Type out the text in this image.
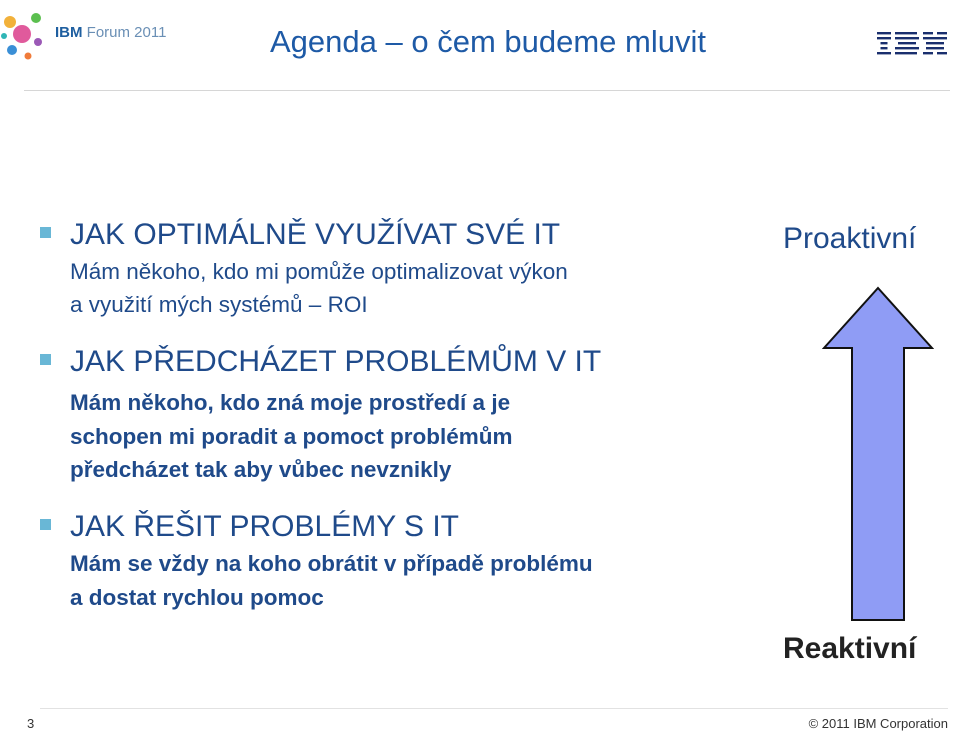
IBM Forum 2011	Agenda – o čem budeme mluvit
JAK OPTIMÁLNĚ VYUŽÍVAT SVÉ IT
Mám někoho, kdo mi pomůže optimalizovat výkon
a využití mých systémů – ROI
JAK PŘEDCHÁZET PROBLÉMŮM V IT
Mám někoho, kdo zná moje prostředí a je
schopen mi poradit a pomoct problémům
předcházet tak aby vůbec nevznikly
JAK ŘEŠIT PROBLÉMY S IT
Mám se vždy na koho obrátit v případě problému
a dostat rychlou pomoc
Proaktivní
Reaktivní
3	© 2011 IBM Corporation
